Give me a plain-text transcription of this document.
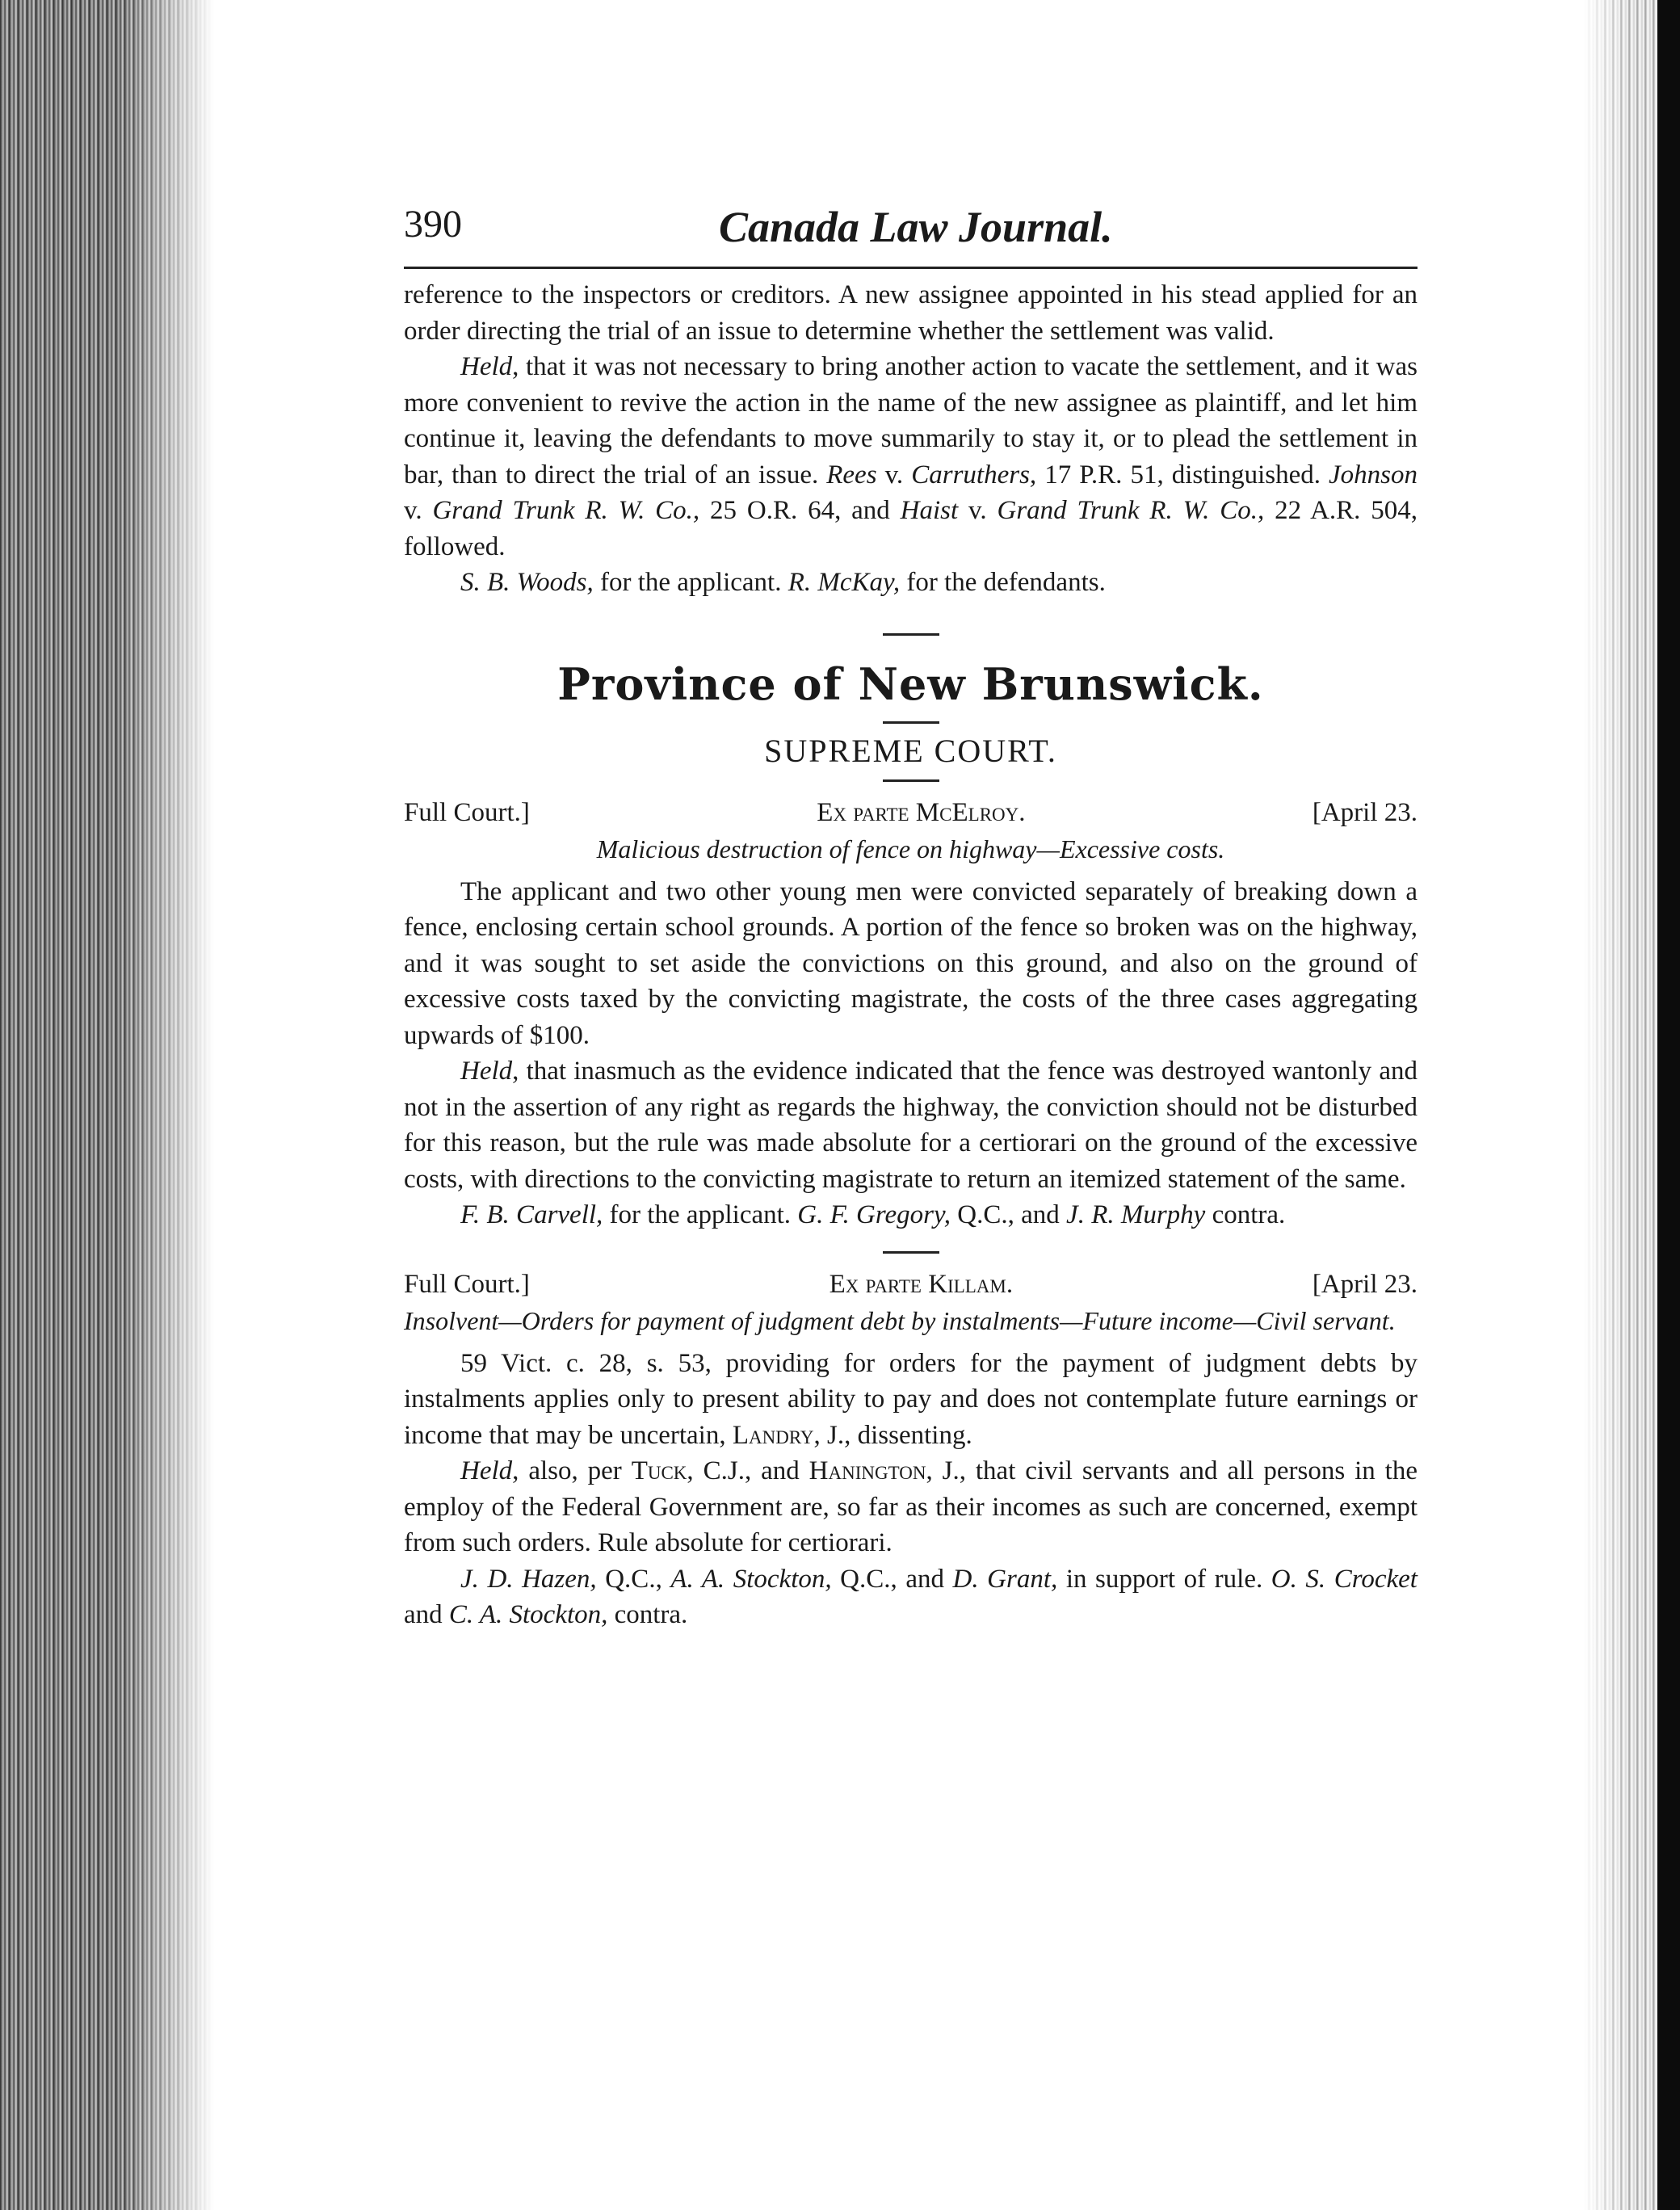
390	Canada Law Journal.

reference to the inspectors or creditors. A new assignee appointed in his stead applied for an order directing the trial of an issue to determine whether the settlement was valid.

Held, that it was not necessary to bring another action to vacate the settlement, and it was more convenient to revive the action in the name of the new assignee as plaintiff, and let him continue it, leaving the defendants to move summarily to stay it, or to plead the settlement in bar, than to direct the trial of an issue. Rees v. Carruthers, 17 P.R. 51, distinguished. Johnson v. Grand Trunk R. W. Co., 25 O.R. 64, and Haist v. Grand Trunk R. W. Co., 22 A.R. 504, followed.

S. B. Woods, for the applicant. R. McKay, for the defendants.

Province of New Brunswick.
SUPREME COURT.
Full Court.]	Ex parte McElroy.	[April 23.
Malicious destruction of fence on highway—Excessive costs.

The applicant and two other young men were convicted separately of breaking down a fence, enclosing certain school grounds. A portion of the fence so broken was on the highway, and it was sought to set aside the convictions on this ground, and also on the ground of excessive costs taxed by the convicting magistrate, the costs of the three cases aggregating upwards of $100.

Held, that inasmuch as the evidence indicated that the fence was destroyed wantonly and not in the assertion of any right as regards the highway, the conviction should not be disturbed for this reason, but the rule was made absolute for a certiorari on the ground of the excessive costs, with directions to the convicting magistrate to return an itemized statement of the same.

F. B. Carvell, for the applicant. G. F. Gregory, Q.C., and J. R. Murphy contra.

Full Court.]	Ex parte Killam.	[April 23.
Insolvent—Orders for payment of judgment debt by instalments—Future income—Civil servant.

59 Vict. c. 28, s. 53, providing for orders for the payment of judgment debts by instalments applies only to present ability to pay and does not contemplate future earnings or income that may be uncertain, Landry, J., dissenting.

Held, also, per Tuck, C.J., and Hanington, J., that civil servants and all persons in the employ of the Federal Government are, so far as their incomes as such are concerned, exempt from such orders. Rule absolute for certiorari.

J. D. Hazen, Q.C., A. A. Stockton, Q.C., and D. Grant, in support of rule. O. S. Crocket and C. A. Stockton, contra.
